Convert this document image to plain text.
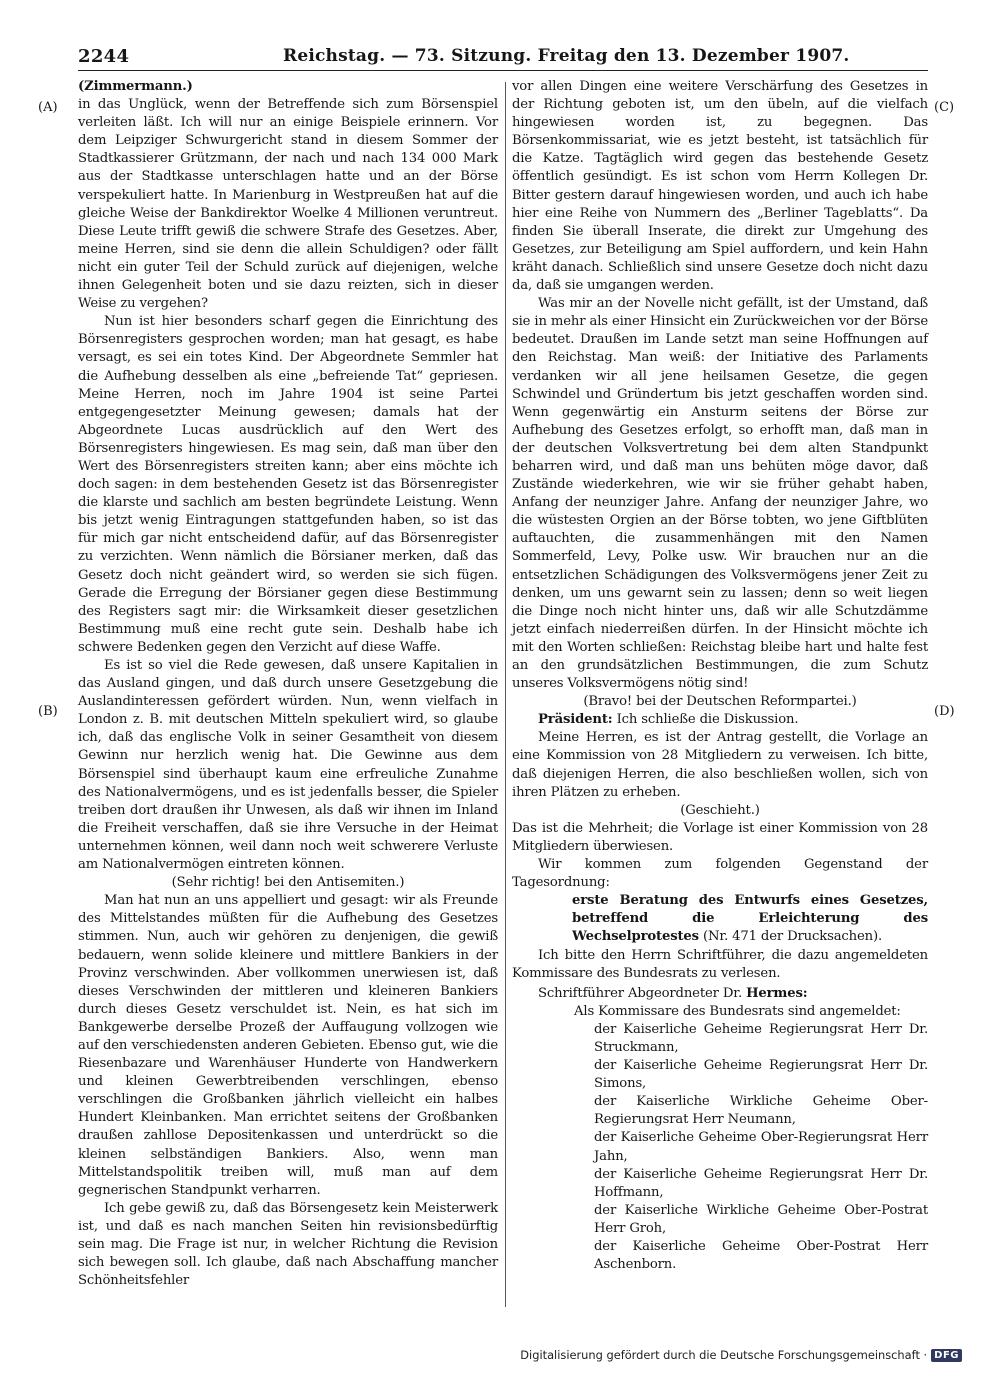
2244	Reichstag. — 73. Sitzung. Freitag den 13. Dezember 1907.
(A)
(B)
(C)
(D)

(Zimmermann.)

in das Unglück, wenn der Betreffende sich zum Börsenspiel verleiten läßt. Ich will nur an einige Beispiele erinnern. Vor dem Leipziger Schwurgericht stand in diesem Sommer der Stadtkassierer Grützmann, der nach und nach 134 000 Mark aus der Stadtkasse unterschlagen hatte und an der Börse verspekuliert hatte. In Marienburg in Westpreußen hat auf die gleiche Weise der Bankdirektor Woelke 4 Millionen veruntreut. Diese Leute trifft gewiß die schwere Strafe des Gesetzes. Aber, meine Herren, sind sie denn die allein Schuldigen? oder fällt nicht ein guter Teil der Schuld zurück auf diejenigen, welche ihnen Gelegenheit boten und sie dazu reizten, sich in dieser Weise zu vergehen?

Nun ist hier besonders scharf gegen die Einrichtung des Börsenregisters gesprochen worden; man hat gesagt, es habe versagt, es sei ein totes Kind. Der Abgeordnete Semmler hat die Aufhebung desselben als eine „befreiende Tat“ gepriesen. Meine Herren, noch im Jahre 1904 ist seine Partei entgegengesetzter Meinung gewesen; damals hat der Abgeordnete Lucas ausdrücklich auf den Wert des Börsenregisters hingewiesen. Es mag sein, daß man über den Wert des Börsenregisters streiten kann; aber eins möchte ich doch sagen: in dem bestehenden Gesetz ist das Börsenregister die klarste und sachlich am besten begründete Leistung. Wenn bis jetzt wenig Eintragungen stattgefunden haben, so ist das für mich gar nicht entscheidend dafür, auf das Börsenregister zu verzichten. Wenn nämlich die Börsianer merken, daß das Gesetz doch nicht geändert wird, so werden sie sich fügen. Gerade die Erregung der Börsianer gegen diese Bestimmung des Registers sagt mir: die Wirksamkeit dieser gesetzlichen Bestimmung muß eine recht gute sein. Deshalb habe ich schwere Bedenken gegen den Verzicht auf diese Waffe.

Es ist so viel die Rede gewesen, daß unsere Kapitalien in das Ausland gingen, und daß durch unsere Gesetzgebung die Auslandinteressen gefördert würden. Nun, wenn vielfach in London z. B. mit deutschen Mitteln spekuliert wird, so glaube ich, daß das englische Volk in seiner Gesamtheit von diesem Gewinn nur herzlich wenig hat. Die Gewinne aus dem Börsenspiel sind überhaupt kaum eine erfreuliche Zunahme des Nationalvermögens, und es ist jedenfalls besser, die Spieler treiben dort draußen ihr Unwesen, als daß wir ihnen im Inland die Freiheit verschaffen, daß sie ihre Versuche in der Heimat unternehmen können, weil dann noch weit schwerere Verluste am Nationalvermögen eintreten können.

(Sehr richtig! bei den Antisemiten.)

Man hat nun an uns appelliert und gesagt: wir als Freunde des Mittelstandes müßten für die Aufhebung des Gesetzes stimmen. Nun, auch wir gehören zu denjenigen, die gewiß bedauern, wenn solide kleinere und mittlere Bankiers in der Provinz verschwinden. Aber vollkommen unerwiesen ist, daß dieses Verschwinden der mittleren und kleineren Bankiers durch dieses Gesetz verschuldet ist. Nein, es hat sich im Bankgewerbe derselbe Prozeß der Auffaugung vollzogen wie auf den verschiedensten anderen Gebieten. Ebenso gut, wie die Riesenbazare und Warenhäuser Hunderte von Handwerkern und kleinen Gewerbtreibenden verschlingen, ebenso verschlingen die Großbanken jährlich vielleicht ein halbes Hundert Kleinbanken. Man errichtet seitens der Großbanken draußen zahllose Depositenkassen und unterdrückt so die kleinen selbständigen Bankiers. Also, wenn man Mittelstandspolitik treiben will, muß man auf dem gegnerischen Standpunkt verharren.

Ich gebe gewiß zu, daß das Börsengesetz kein Meisterwerk ist, und daß es nach manchen Seiten hin revisionsbedürftig sein mag. Die Frage ist nur, in welcher Richtung die Revision sich bewegen soll. Ich glaube, daß nach Abschaffung mancher Schönheitsfehler

vor allen Dingen eine weitere Verschärfung des Gesetzes in der Richtung geboten ist, um den übeln, auf die vielfach hingewiesen worden ist, zu begegnen. Das Börsenkommissariat, wie es jetzt besteht, ist tatsächlich für die Katze. Tagtäglich wird gegen das bestehende Gesetz öffentlich gesündigt. Es ist schon vom Herrn Kollegen Dr. Bitter gestern darauf hingewiesen worden, und auch ich habe hier eine Reihe von Nummern des „Berliner Tageblatts“. Da finden Sie überall Inserate, die direkt zur Umgehung des Gesetzes, zur Beteiligung am Spiel auffordern, und kein Hahn kräht danach. Schließlich sind unsere Gesetze doch nicht dazu da, daß sie umgangen werden.

Was mir an der Novelle nicht gefällt, ist der Umstand, daß sie in mehr als einer Hinsicht ein Zurückweichen vor der Börse bedeutet. Draußen im Lande setzt man seine Hoffnungen auf den Reichstag. Man weiß: der Initiative des Parlaments verdanken wir all jene heilsamen Gesetze, die gegen Schwindel und Gründertum bis jetzt geschaffen worden sind. Wenn gegenwärtig ein Ansturm seitens der Börse zur Aufhebung des Gesetzes erfolgt, so erhofft man, daß man in der deutschen Volksvertretung bei dem alten Standpunkt beharren wird, und daß man uns behüten möge davor, daß Zustände wiederkehren, wie wir sie früher gehabt haben, Anfang der neunziger Jahre. Anfang der neunziger Jahre, wo die wüstesten Orgien an der Börse tobten, wo jene Giftblüten auftauchten, die zusammenhängen mit den Namen Sommerfeld, Levy, Polke usw. Wir brauchen nur an die entsetzlichen Schädigungen des Volksvermögens jener Zeit zu denken, um uns gewarnt sein zu lassen; denn so weit liegen die Dinge noch nicht hinter uns, daß wir alle Schutzdämme jetzt einfach niederreißen dürfen. In der Hinsicht möchte ich mit den Worten schließen: Reichstag bleibe hart und halte fest an den grundsätzlichen Bestimmungen, die zum Schutz unseres Volksvermögens nötig sind!

(Bravo! bei der Deutschen Reformpartei.)

Präsident: Ich schließe die Diskussion.

Meine Herren, es ist der Antrag gestellt, die Vorlage an eine Kommission von 28 Mitgliedern zu verweisen. Ich bitte, daß diejenigen Herren, die also beschließen wollen, sich von ihren Plätzen zu erheben.

(Geschieht.)

Das ist die Mehrheit; die Vorlage ist einer Kommission von 28 Mitgliedern überwiesen.

Wir kommen zum folgenden Gegenstand der Tagesordnung:

erste Beratung des Entwurfs eines Gesetzes, betreffend die Erleichterung des Wechselprotestes (Nr. 471 der Drucksachen).

Ich bitte den Herrn Schriftführer, die dazu angemeldeten Kommissare des Bundesrats zu verlesen.

Schriftführer Abgeordneter Dr. Hermes:

Als Kommissare des Bundesrats sind angemeldet:

der Kaiserliche Geheime Regierungsrat Herr Dr. Struckmann,

der Kaiserliche Geheime Regierungsrat Herr Dr. Simons,

der Kaiserliche Wirkliche Geheime Ober-Regierungsrat Herr Neumann,

der Kaiserliche Geheime Ober-Regierungsrat Herr Jahn,

der Kaiserliche Geheime Regierungsrat Herr Dr. Hoffmann,

der Kaiserliche Wirkliche Geheime Ober-Postrat Herr Groh,

der Kaiserliche Geheime Ober-Postrat Herr Aschenborn.

Digitalisierung gefördert durch die Deutsche Forschungsgemeinschaft · DFG
